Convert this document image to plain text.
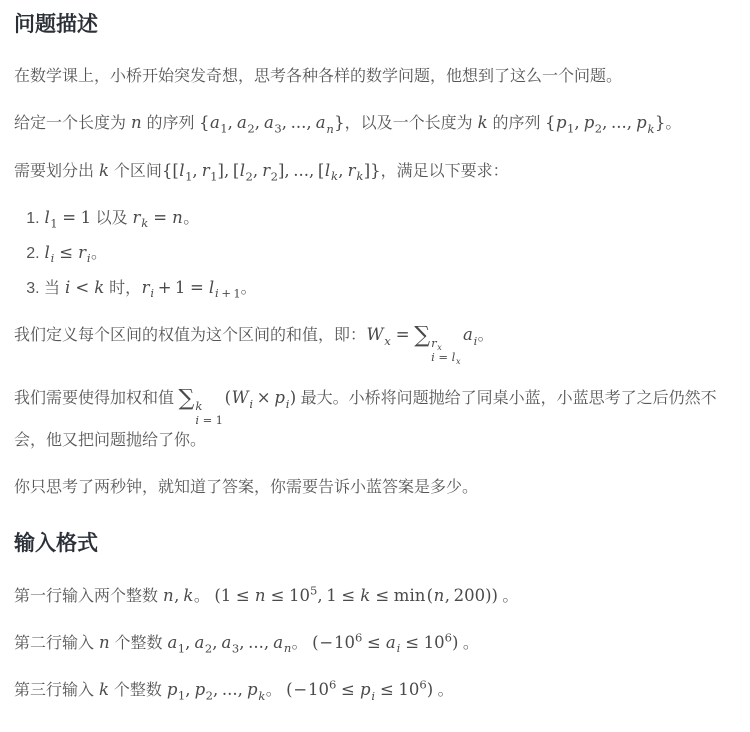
问题描述

在数学课上，小桥开始突发奇想，思考各种各样的数学问题，他想到了这么一个问题。

给定一个长度为 n 的序列 {$a_1$, $a_2$, $a_3$, ..., $a_n$}，以及一个长度为 k 的序列 {$p_1$, $p_2$, ..., $p_k$}。

需要划分出 k 个区间{[$l_1$, $r_1$], [$l_2$, $r_2$], ..., [$l_k$, $r_k$]}，满足以下要求：

1. $l_1 = 1$ 以及 $r_k = n$。
2. $l_i \le r_i$。
3. 当 i < k 时，$r_i + 1 = l_{i + 1}$。

我们定义每个区间的权值为这个区间的和值，即：$W_x$ = ∑ $r_x$
$i = l_x$
$a_i$。

我们需要使得加权和值 ∑ k
i = 1
$(W_i \times p_i)$ 最大。小桥将问题抛给了同桌小蓝，小蓝思考了之后仍然不会，他又把问题抛给了你。

你只思考了两秒钟，就知道了答案，你需要告诉小蓝答案是多少。

输入格式

第一行输入两个整数 n, k。 ($1 \le n \le 10^5$, 1 ≤ k ≤ min(n, 200)) 。

第二行输入 n 个整数 $a_1$, $a_2$, $a_3$, ..., $a_n$。 $(-10^6 \le a_i \le 10^6)$ 。

第三行输入 k 个整数 $p_1$, $p_2$, ..., $p_k$。 $(-10^6 \le p_i \le 10^6)$ 。
